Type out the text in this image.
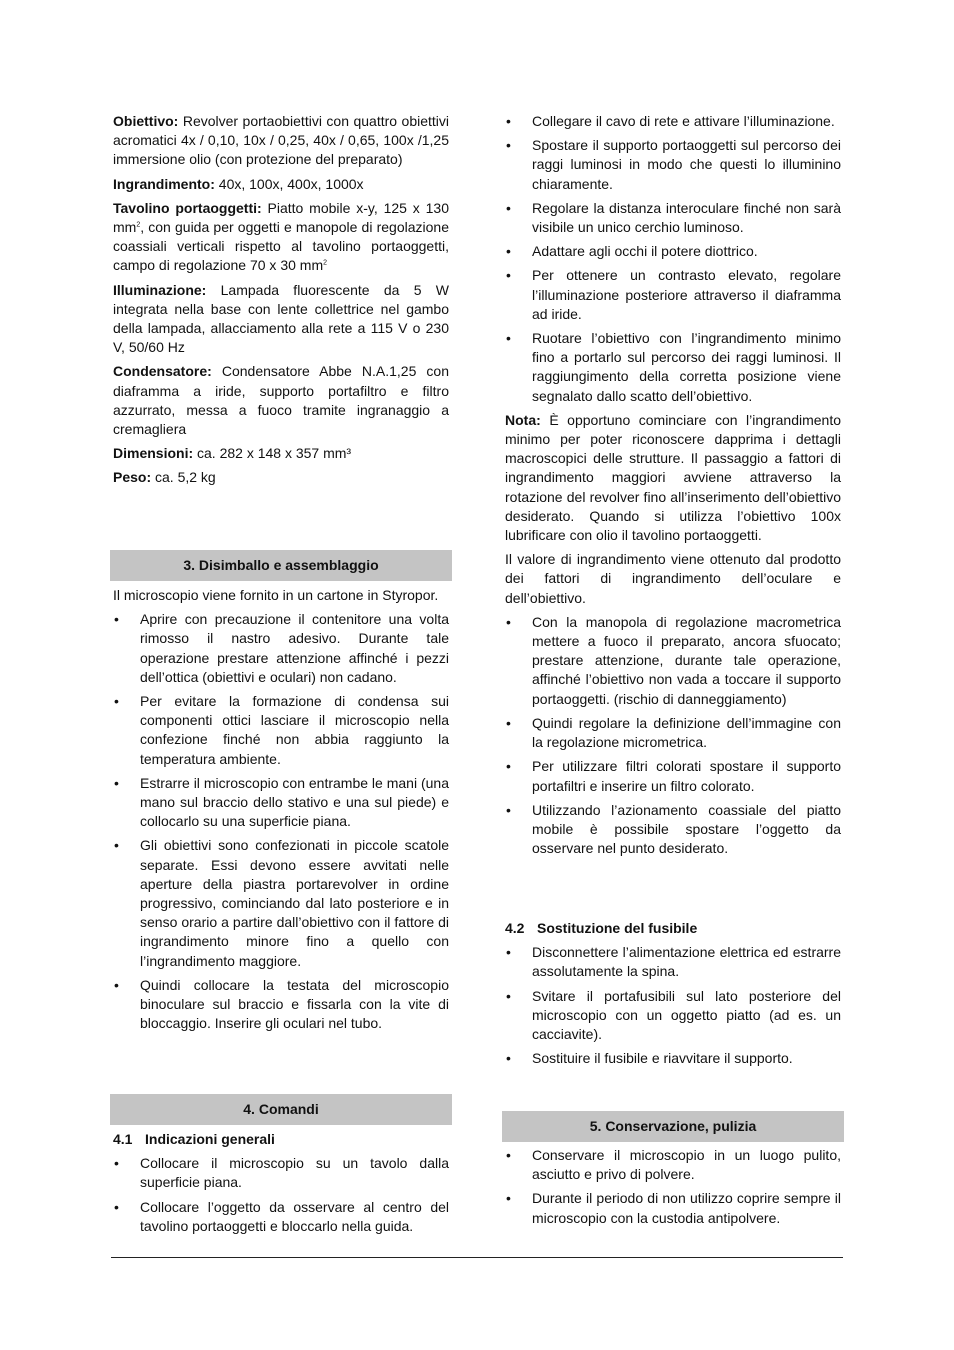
Obiettivo: Revolver portaobiettivi con quattro obiettivi acromatici 4x / 0,10, 10x / 0,25, 40x / 0,65, 100x /1,25 immersione olio (con protezione del preparato)

Ingrandimento: 40x, 100x, 400x, 1000x

Tavolino portaoggetti: Piatto mobile x-y, 125 x 130 $mm^2$, con guida per oggetti e manopole di regolazione coassiali verticali rispetto al tavolino portaoggetti, campo di regolazione 70 x 30 $mm^2$

Illuminazione: Lampada fluorescente da 5 W integrata nella base con lente collettrice nel gambo della lampada, allacciamento alla rete a 115 V o 230 V, 50/60 Hz

Condensatore: Condensatore Abbe N.A.1,25 con diaframma a iride, supporto portafiltro e filtro azzurrato, messa a fuoco tramite ingranaggio a cremagliera

Dimensioni: ca. 282 x 148 x 357 mm³

Peso: ca. 5,2 kg

3. Disimballo e assemblaggio

Il microscopio viene fornito in un cartone in Styropor.

• Aprire con precauzione il contenitore una volta rimosso il nastro adesivo. Durante tale operazione prestare attenzione affinché i pezzi dell’ottica (obiettivi e oculari) non cadano.
• Per evitare la formazione di condensa sui componenti ottici lasciare il microscopio nella confezione finché non abbia raggiunto la temperatura ambiente.
• Estrarre il microscopio con entrambe le mani (una mano sul braccio dello stativo e una sul piede) e collocarlo su una superficie piana.
• Gli obiettivi sono confezionati in piccole scatole separate. Essi devono essere avvitati nelle aperture della piastra portarevolver in ordine progressivo, cominciando dal lato posteriore e in senso orario a partire dall’obiettivo con il fattore di ingrandimento minore fino a quello con l’ingrandimento maggiore.
• Quindi collocare la testata del microscopio binoculare sul braccio e fissarla con la vite di bloccaggio. Inserire gli oculari nel tubo.
4. Comandi
4.1 Indicazioni generali
• Collocare il microscopio su un tavolo dalla superficie piana.
• Collocare l’oggetto da osservare al centro del tavolino portaoggetti e bloccarlo nella guida.
• Collegare il cavo di rete e attivare l’illuminazione.
• Spostare il supporto portaoggetti sul percorso dei raggi luminosi in modo che questi lo illuminino chiaramente.
• Regolare la distanza interoculare finché non sarà visibile un unico cerchio luminoso.
• Adattare agli occhi il potere diottrico.
• Per ottenere un contrasto elevato, regolare l’illuminazione posteriore attraverso il diaframma ad iride.
• Ruotare l’obiettivo con l’ingrandimento minimo fino a portarlo sul percorso dei raggi luminosi. Il raggiungimento della corretta posizione viene segnalato dallo scatto dell’obiettivo.

Nota: È opportuno cominciare con l’ingrandimento minimo per poter riconoscere dapprima i dettagli macroscopici delle strutture. Il passaggio a fattori di ingrandimento maggiori avviene attraverso la rotazione del revolver fino all’inserimento dell’obiettivo desiderato. Quando si utilizza l’obiettivo 100x lubrificare con olio il tavolino portaoggetti.

Il valore di ingrandimento viene ottenuto dal prodotto dei fattori di ingrandimento dell’oculare e dell’obiettivo.

• Con la manopola di regolazione macrometrica mettere a fuoco il preparato, ancora sfuocato; prestare attenzione, durante tale operazione, affinché l’obiettivo non vada a toccare il supporto portaoggetti. (rischio di danneggiamento)
• Quindi regolare la definizione dell’immagine con la regolazione micrometrica.
• Per utilizzare filtri colorati spostare il supporto portafiltri e inserire un filtro colorato.
• Utilizzando l’azionamento coassiale del piatto mobile è possibile spostare l’oggetto da osservare nel punto desiderato.
4.2 Sostituzione del fusibile
• Disconnettere l’alimentazione elettrica ed estrarre assolutamente la spina.
• Svitare il portafusibili sul lato posteriore del microscopio con un oggetto piatto (ad es. un cacciavite).
• Sostituire il fusibile e riavvitare il supporto.
5. Conservazione, pulizia
• Conservare il microscopio in un luogo pulito, asciutto e privo di polvere.
• Durante il periodo di non utilizzo coprire sempre il microscopio con la custodia antipolvere.
